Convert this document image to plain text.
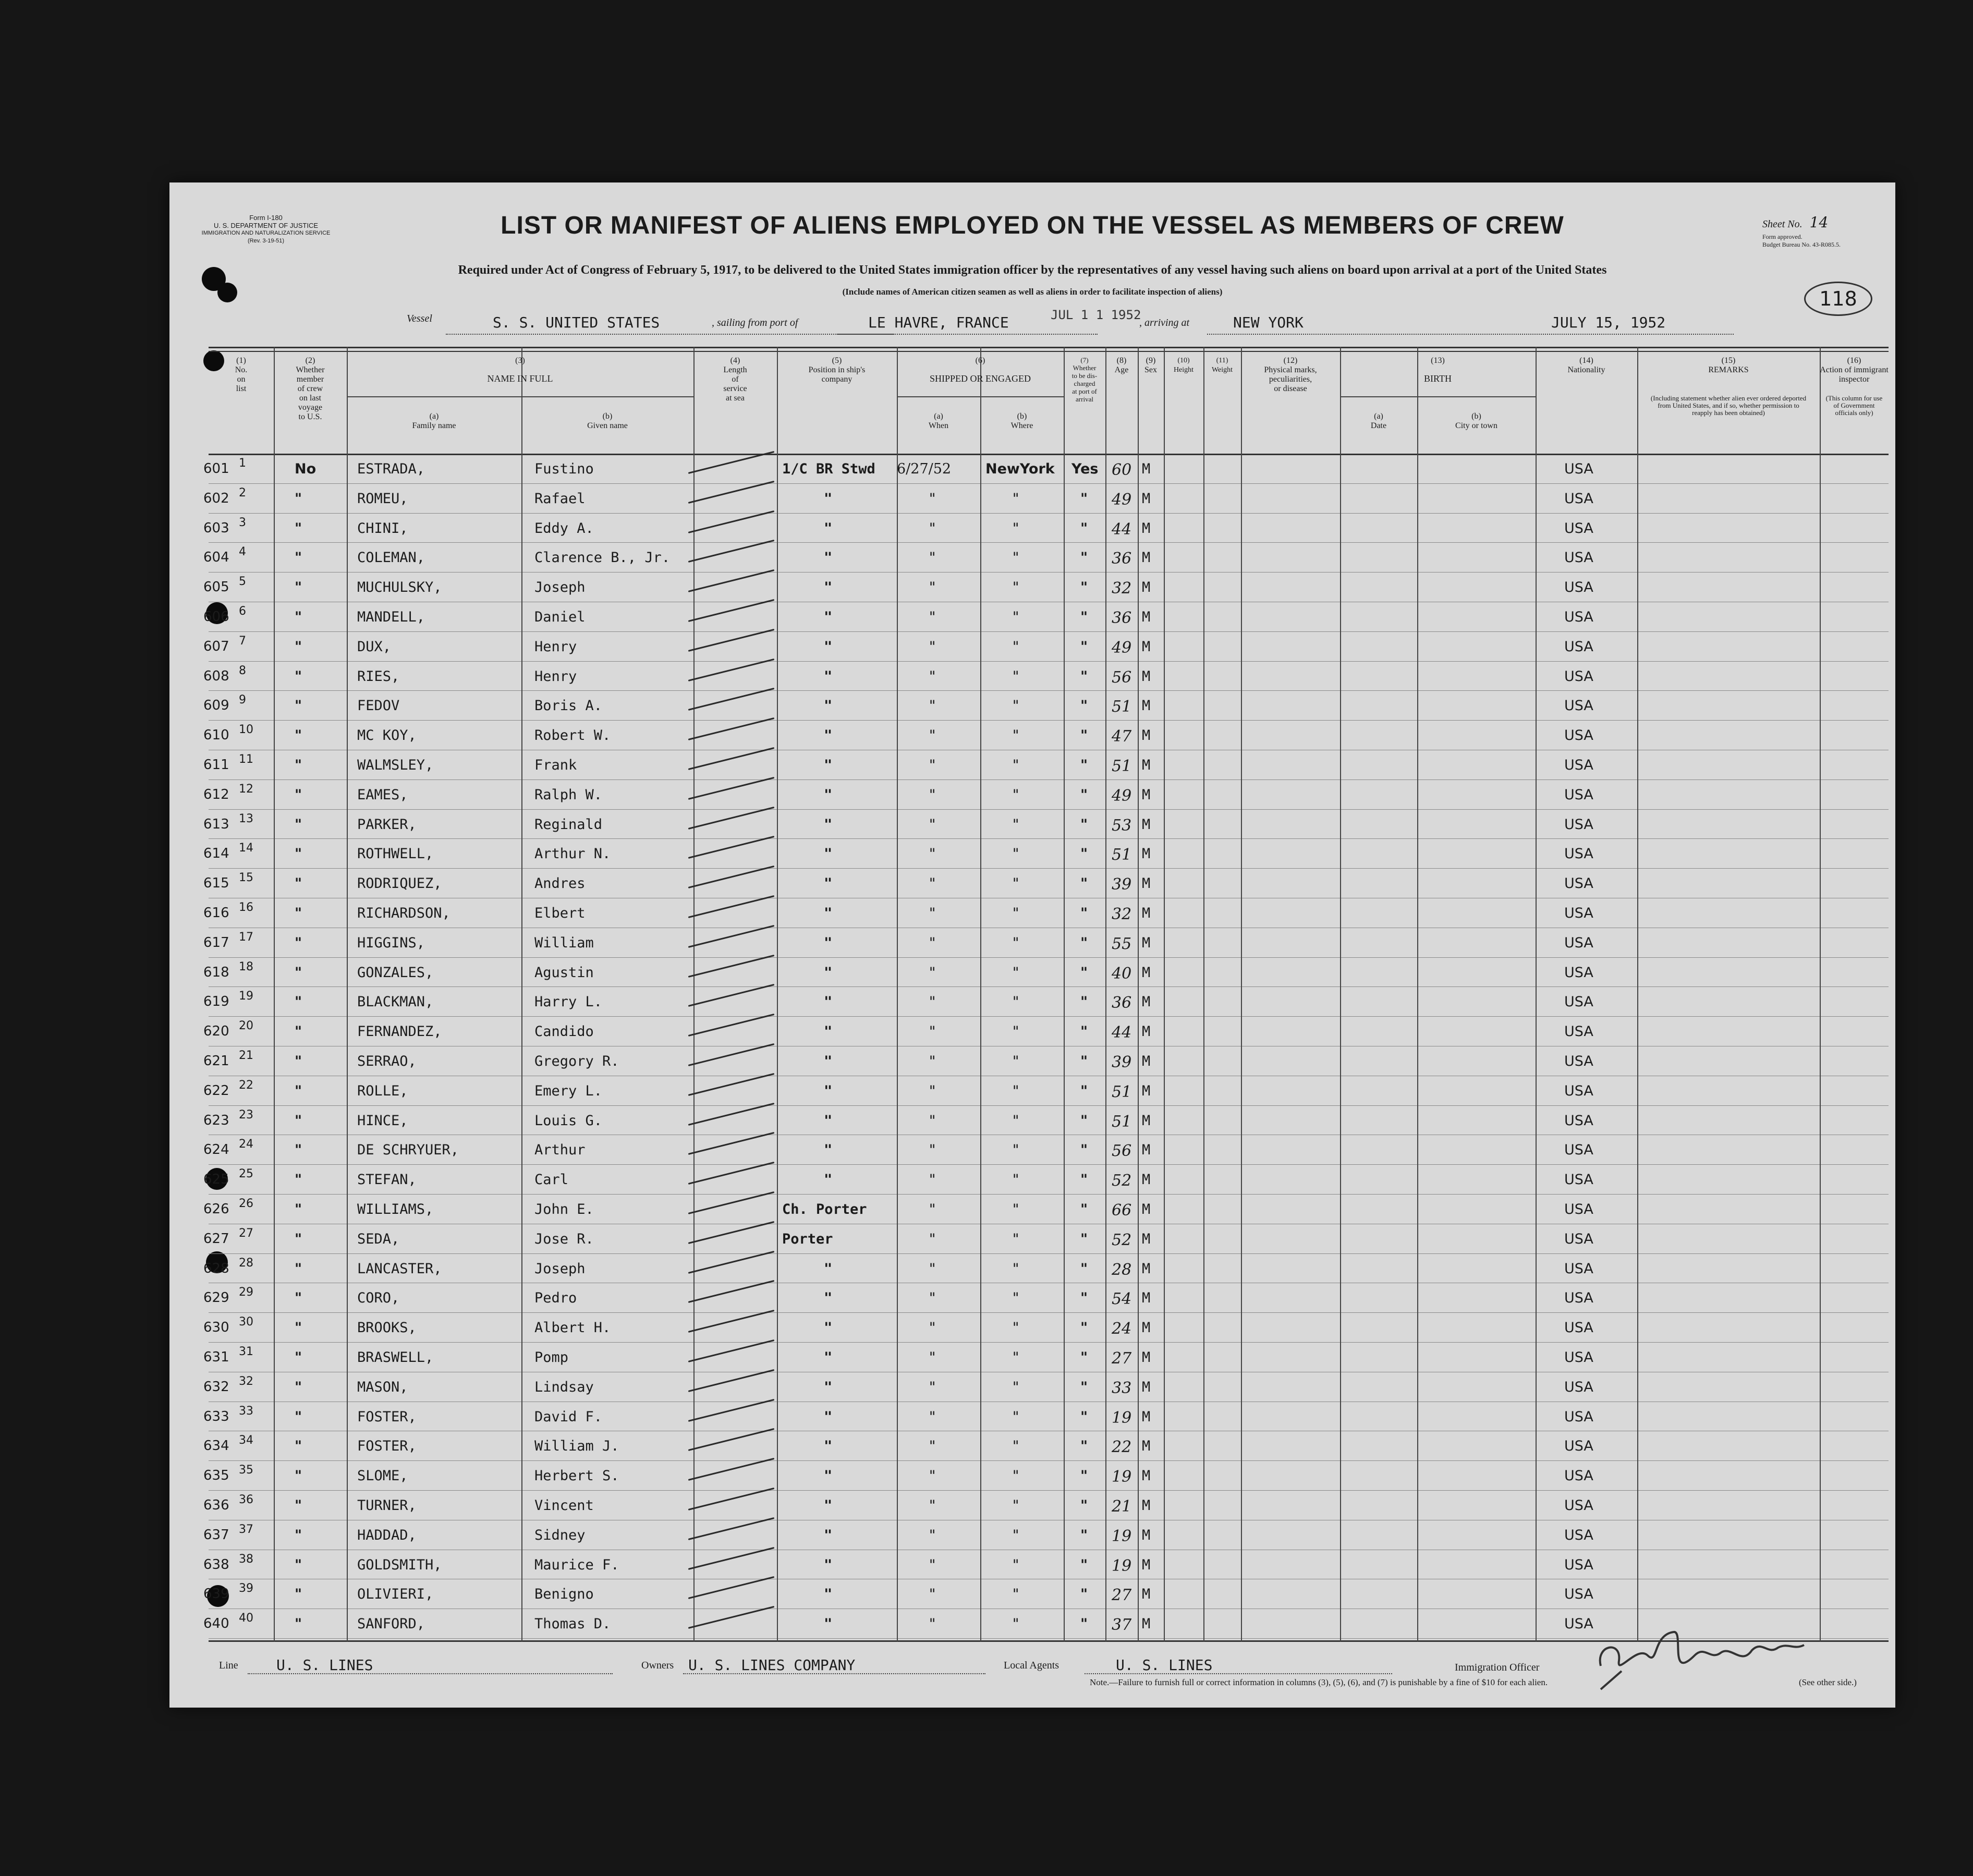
Form I-180
U. S. DEPARTMENT OF JUSTICE
IMMIGRATION AND NATURALIZATION SERVICE
(Rev. 3-19-51)
LIST OR MANIFEST OF ALIENS EMPLOYED ON THE VESSEL AS MEMBERS OF CREW	Sheet No. 14
Form approved.
Budget Bureau No. 43-R085.5.
Required under Act of Congress of February 5, 1917, to be delivered to the United States immigration officer by the representatives of any vessel having such aliens on board upon arrival at a port of the United States
(Include names of American citizen seamen as well as aliens in order to facilitate inspection of aliens)	118
Vessel	S. S. UNITED STATES	, sailing from port of	LE HAVRE, FRANCE	JUL 1 1 1952
, arriving at	NEW YORK	JULY 15, 1952
(1)
No.
on
list
(2)
Whether
member
of crew
on last
voyage
to U.S.
(3)
NAME IN FULL
(a)
Family name
(b)
Given name
(4)
Length
of
service
at sea
(5)
Position in ship's
company
(6)
SHIPPED OR ENGAGED
(a)
When
(b)
Where
(7)
Whether
to be dis-
charged
at port of
arrival
(8)
Age
(9)
Sex
(10)
Height
(11)
Weight
(12)
Physical marks,
peculiarities,
or disease
(13)
BIRTH
(a)
Date
(b)
City or town
(14)
Nationality
(15)
REMARKS
(Including statement whether alien ever ordered deported from United States, and if so, whether permission to reapply has been obtained)
(16)
Action of immigrant
inspector
(This column for use of Government officials only)
601 1	No	ESTRADA,	Fustino	1/C BR Stwd 6/27/52 NewYork Yes 60 M	USA
602 2	"	ROMEU,	Rafael	"	"	"	" 49 M	USA
603 3	"	CHINI,	Eddy A.	"	"	"	" 44 M	USA
604 4	"	COLEMAN,	Clarence B., Jr.	"	"	"	" 36 M	USA
605 5	"	MUCHULSKY,	Joseph	"	"	"	" 32 M	USA
606 6	"	MANDELL,	Daniel	"	"	"	" 36 M	USA
607 7	"	DUX,	Henry	"	"	"	" 49 M	USA
608 8	"	RIES,	Henry	"	"	"	" 56 M	USA
609 9	"	FEDOV	Boris A.	"	"	"	" 51 M	USA
610 10	"	MC KOY,	Robert W.	"	"	"	" 47 M	USA
611 11	"	WALMSLEY,	Frank	"	"	"	" 51 M	USA
612 12	"	EAMES,	Ralph W.	"	"	"	" 49 M	USA
613 13	"	PARKER,	Reginald	"	"	"	" 53 M	USA
614 14	"	ROTHWELL,	Arthur N.	"	"	"	" 51 M	USA
615 15	"	RODRIQUEZ,	Andres	"	"	"	" 39 M	USA
616 16	"	RICHARDSON,	Elbert	"	"	"	" 32 M	USA
617 17	"	HIGGINS,	William	"	"	"	" 55 M	USA
618 18	"	GONZALES,	Agustin	"	"	"	" 40 M	USA
619 19	"	BLACKMAN,	Harry L.	"	"	"	" 36 M	USA
620 20	"	FERNANDEZ,	Candido	"	"	"	" 44 M	USA
621 21	"	SERRAO,	Gregory R.	"	"	"	" 39 M	USA
622 22	"	ROLLE,	Emery L.	"	"	"	" 51 M	USA
623 23	"	HINCE,	Louis G.	"	"	"	" 51 M	USA
624 24	"	DE SCHRYUER,	Arthur	"	"	"	" 56 M	USA
625 25	"	STEFAN,	Carl	"	"	"	" 52 M	USA
626 26	"	WILLIAMS,	John E.	Ch. Porter	"	"	" 66 M	USA
627 27	"	SEDA,	Jose R.	Porter	"	"	" 52 M	USA
628 28	"	LANCASTER,	Joseph	"	"	"	" 28 M	USA
629 29	"	CORO,	Pedro	"	"	"	" 54 M	USA
630 30	"	BROOKS,	Albert H.	"	"	"	" 24 M	USA
631 31	"	BRASWELL,	Pomp	"	"	"	" 27 M	USA
632 32	"	MASON,	Lindsay	"	"	"	" 33 M	USA
633 33	"	FOSTER,	David F.	"	"	"	" 19 M	USA
634 34	"	FOSTER,	William J.	"	"	"	" 22 M	USA
635 35	"	SLOME,	Herbert S.	"	"	"	" 19 M	USA
636 36	"	TURNER,	Vincent	"	"	"	" 21 M	USA
637 37	"	HADDAD,	Sidney	"	"	"	" 19 M	USA
638 38	"	GOLDSMITH,	Maurice F.	"	"	"	" 19 M	USA
639 39	"	OLIVIERI,	Benigno	"	"	"	" 27 M	USA
640 40	"	SANFORD,	Thomas D.	"	"	"	" 37 M	USA
Line	U. S. LINES	Owners U. S. LINES COMPANY	Local Agents	U. S. LINES	Immigration Officer
Note.—Failure to furnish full or correct information in columns (3), (5), (6), and (7) is punishable by a fine of $10 for each alien.	(See other side.)
